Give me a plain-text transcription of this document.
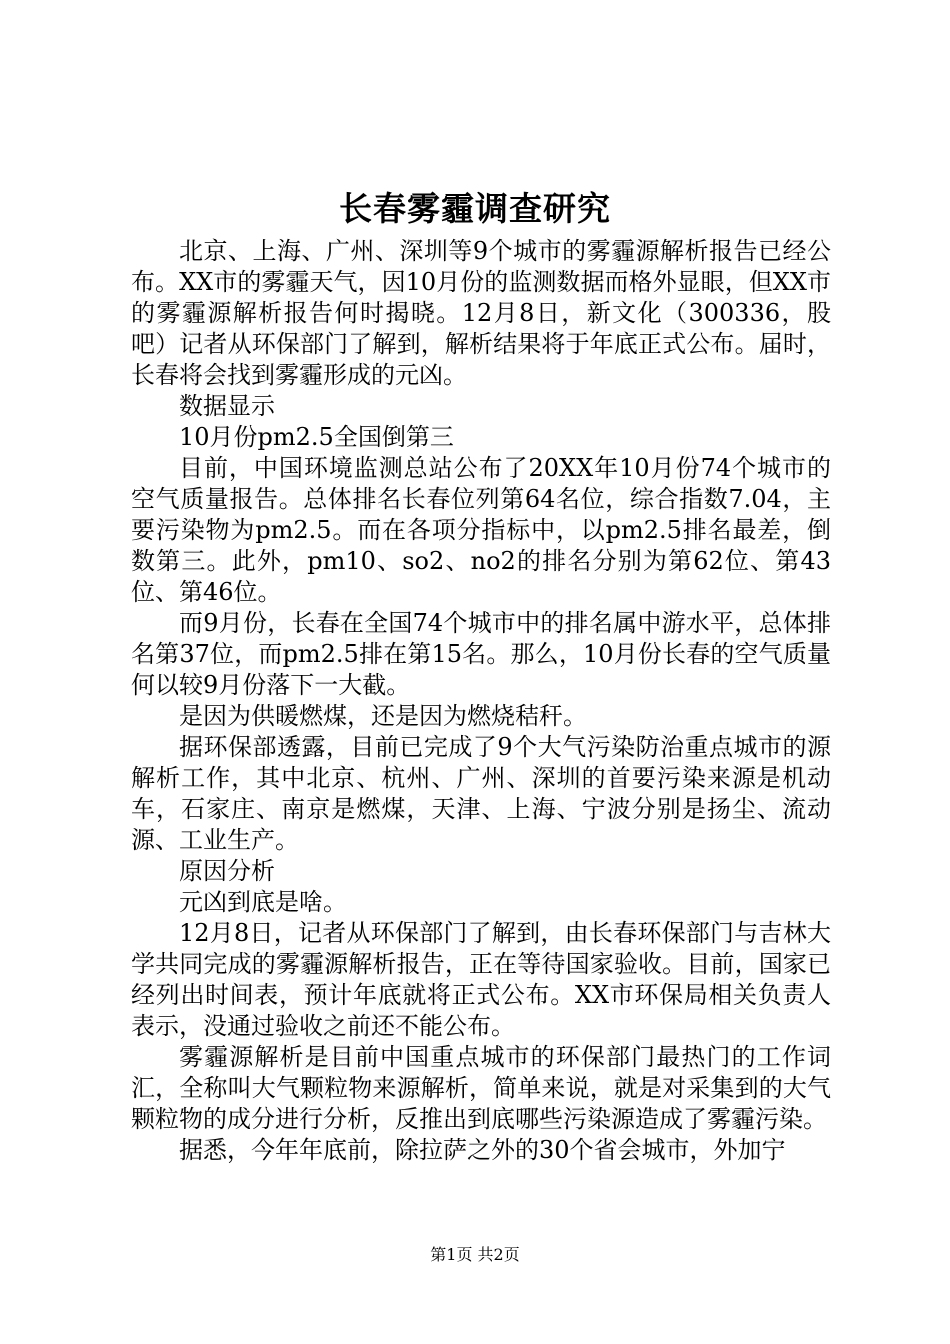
长春雾霾调查研究

北京、上海、广州、深圳等9个城市的雾霾源解析报告已经公布。XX市的雾霾天气，因10月份的监测数据而格外显眼，但XX市的雾霾源解析报告何时揭晓。12月8日，新文化（300336，股吧）记者从环保部门了解到，解析结果将于年底正式公布。届时，长春将会找到雾霾形成的元凶。

数据显示

10月份pm2.5全国倒第三

目前，中国环境监测总站公布了20XX年10月份74个城市的空气质量报告。总体排名长春位列第64名位，综合指数7.04，主要污染物为pm2.5。而在各项分指标中，以pm2.5排名最差，倒数第三。此外，pm10、so2、no2的排名分别为第62位、第43位、第46位。

而9月份，长春在全国74个城市中的排名属中游水平，总体排名第37位，而pm2.5排在第15名。那么，10月份长春的空气质量何以较9月份落下一大截。

是因为供暖燃煤，还是因为燃烧秸秆。

据环保部透露，目前已完成了9个大气污染防治重点城市的源解析工作，其中北京、杭州、广州、深圳的首要污染来源是机动车，石家庄、南京是燃煤，天津、上海、宁波分别是扬尘、流动源、工业生产。

原因分析

元凶到底是啥。

12月8日，记者从环保部门了解到，由长春环保部门与吉林大学共同完成的雾霾源解析报告，正在等待国家验收。目前，国家已经列出时间表，预计年底就将正式公布。XX市环保局相关负责人表示，没通过验收之前还不能公布。

雾霾源解析是目前中国重点城市的环保部门最热门的工作词汇，全称叫大气颗粒物来源解析，简单来说，就是对采集到的大气颗粒物的成分进行分析，反推出到底哪些污染源造成了雾霾污染。

据悉，今年年底前，除拉萨之外的30个省会城市，外加宁

第1页 共2页
